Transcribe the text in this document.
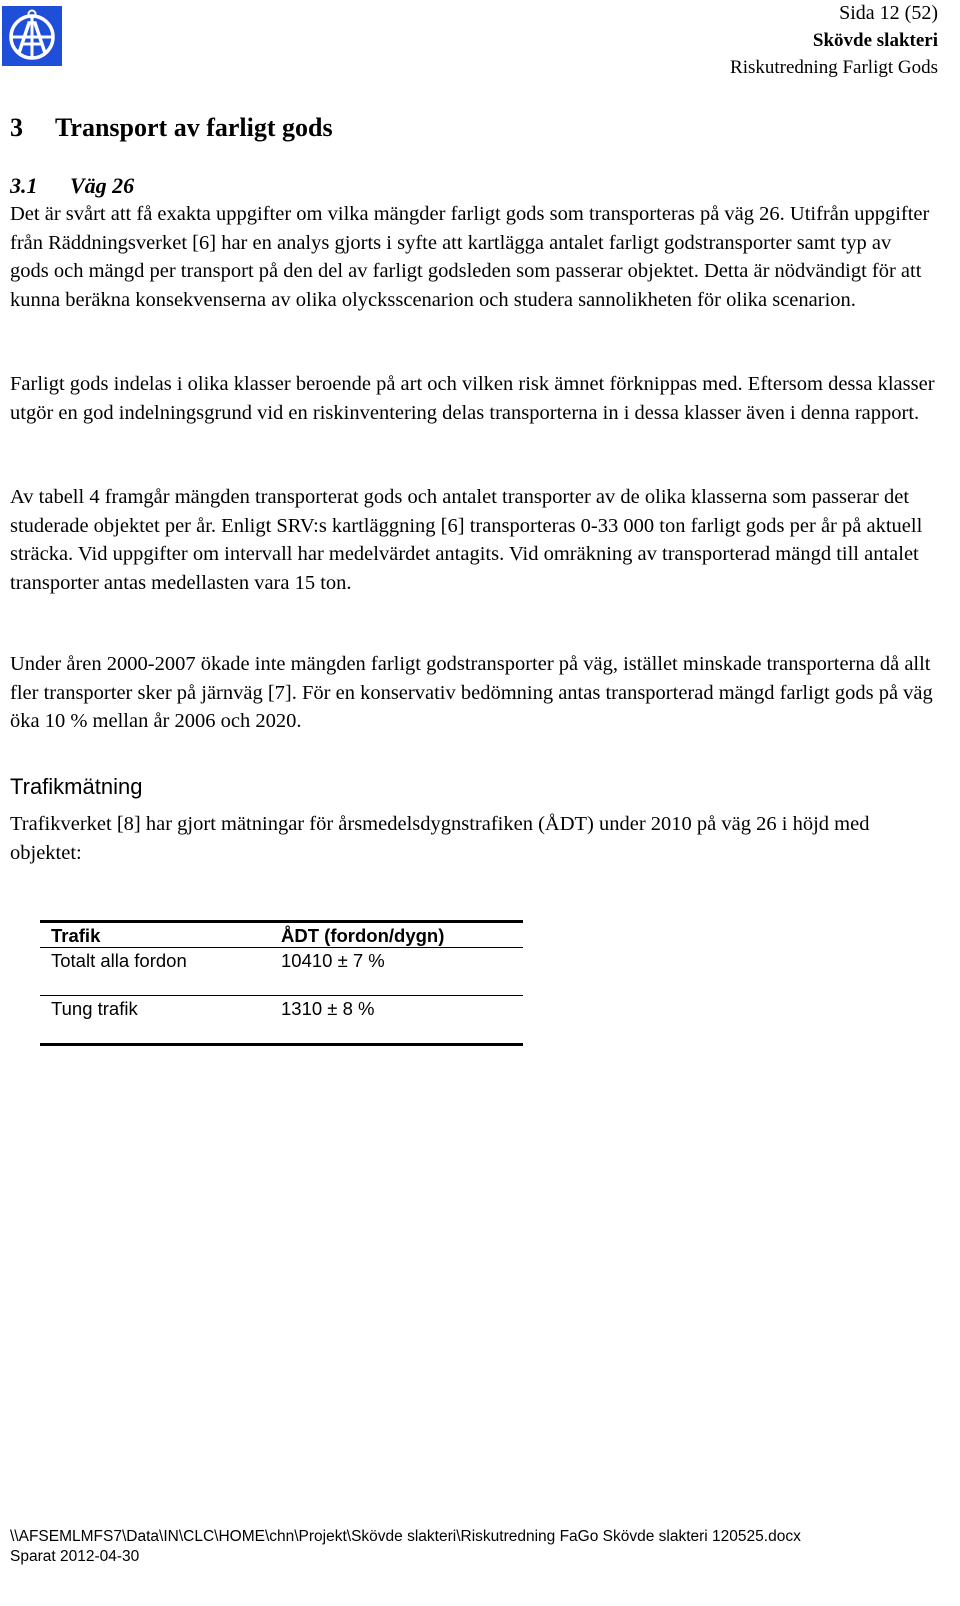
Sida 12 (52)
Skövde slakteri
Riskutredning Farligt Gods
3 Transport av farligt gods
3.1 Väg 26

Det är svårt att få exakta uppgifter om vilka mängder farligt gods som transporteras på väg 26. Utifrån uppgifter från Räddningsverket [6] har en analys gjorts i syfte att kartlägga antalet farligt godstransporter samt typ av gods och mängd per transport på den del av farligt godsleden som passerar objektet. Detta är nödvändigt för att kunna beräkna konsekvenserna av olika olycksscenarion och studera sannolikheten för olika scenarion.

Farligt gods indelas i olika klasser beroende på art och vilken risk ämnet förknippas med. Eftersom dessa klasser utgör en god indelningsgrund vid en riskinventering delas transporterna in i dessa klasser även i denna rapport.

Av tabell 4 framgår mängden transporterat gods och antalet transporter av de olika klasserna som passerar det studerade objektet per år. Enligt SRV:s kartläggning [6] transporteras 0-33 000 ton farligt gods per år på aktuell sträcka. Vid uppgifter om intervall har medelvärdet antagits. Vid omräkning av transporterad mängd till antalet transporter antas medellasten vara 15 ton.

Under åren 2000-2007 ökade inte mängden farligt godstransporter på väg, istället minskade transporterna då allt fler transporter sker på järnväg [7]. För en konservativ bedömning antas transporterad mängd farligt gods på väg öka 10 % mellan år 2006 och 2020.

Trafikmätning

Trafikverket [8] har gjort mätningar för årsmedelsdygnstrafiken (ÅDT) under 2010 på väg 26 i höjd med objektet:

Trafik	ÅDT (fordon/dygn)
Totalt alla fordon	10410 ± 7 %
Tung trafik	1310 ± 8 %
\\AFSEMLMFS7\Data\IN\CLC\HOME\chn\Projekt\Skövde slakteri\Riskutredning FaGo Skövde slakteri 120525.docx
Sparat 2012-04-30
